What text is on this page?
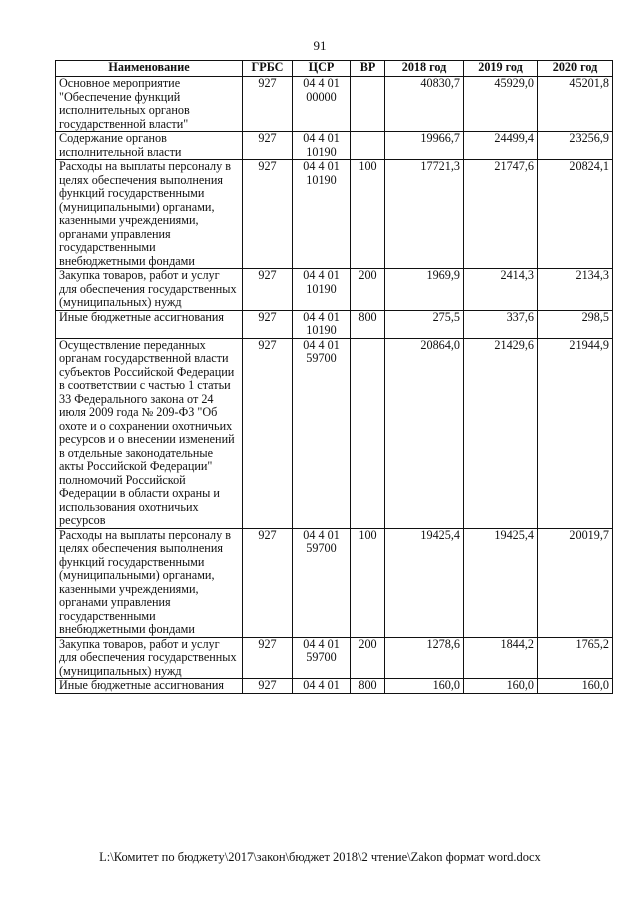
91
Наименование	ГРБС	ЦСР	ВР	2018 год	2019 год	2020 год
Основное мероприятие "Обеспечение функций исполнительных органов государственной власти"	927	04 4 01 00000		40830,7	45929,0	45201,8
Содержание органов исполнительной власти	927	04 4 01 10190		19966,7	24499,4	23256,9
Расходы на выплаты персоналу в целях обеспечения выполнения функций государственными (муниципальными) органами, казенными учреждениями, органами управления государственными внебюджетными фондами	927	04 4 01 10190	100	17721,3	21747,6	20824,1
Закупка товаров, работ и услуг для обеспечения государственных (муниципальных) нужд	927	04 4 01 10190	200	1969,9	2414,3	2134,3
Иные бюджетные ассигнования	927	04 4 01 10190	800	275,5	337,6	298,5
Осуществление переданных органам государственной власти субъектов Российской Федерации в соответствии с частью 1 статьи 33 Федерального закона от 24 июля 2009 года № 209-ФЗ "Об охоте и о сохранении охотничьих ресурсов и о внесении изменений в отдельные законодательные акты Российской Федерации" полномочий Российской Федерации в области охраны и использования охотничьих ресурсов	927	04 4 01 59700		20864,0	21429,6	21944,9
Расходы на выплаты персоналу в целях обеспечения выполнения функций государственными (муниципальными) органами, казенными учреждениями, органами управления государственными внебюджетными фондами	927	04 4 01 59700	100	19425,4	19425,4	20019,7
Закупка товаров, работ и услуг для обеспечения государственных (муниципальных) нужд	927	04 4 01 59700	200	1278,6	1844,2	1765,2
Иные бюджетные ассигнования	927	04 4 01	800	160,0	160,0	160,0
L:\Комитет по бюджету\2017\закон\бюджет 2018\2 чтение\Zakon формат word.docx
